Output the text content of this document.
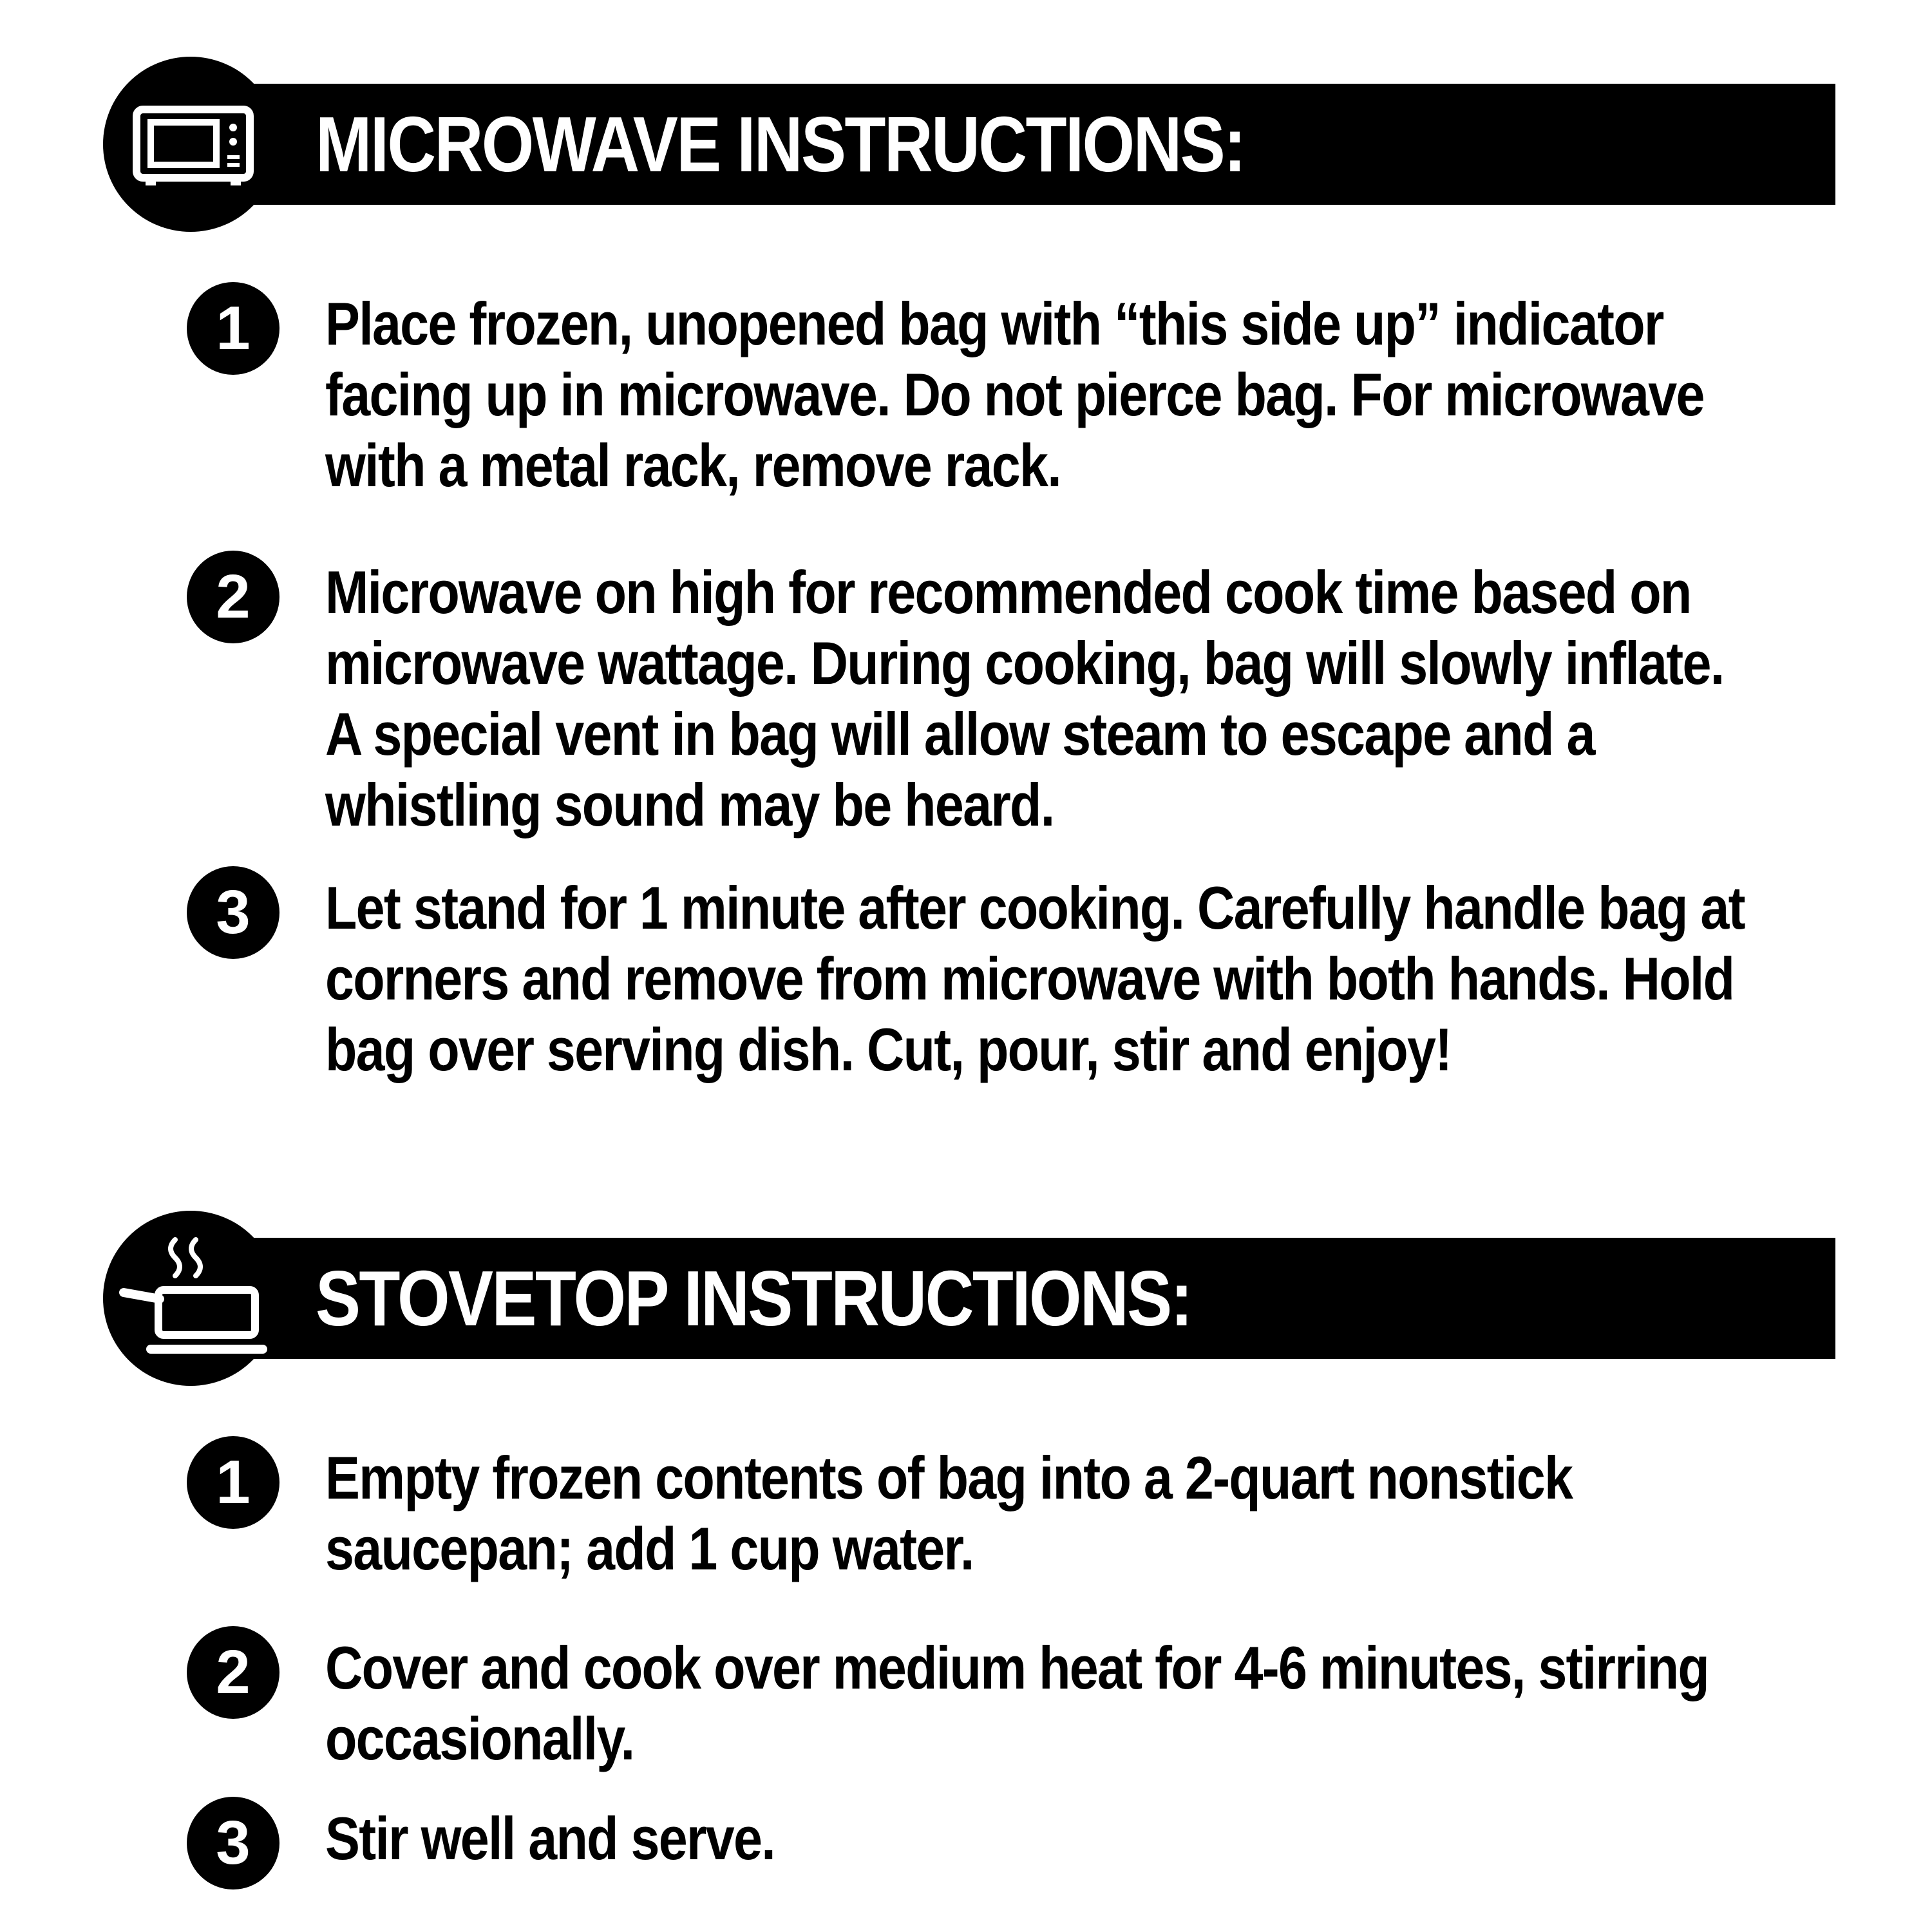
MICROWAVE INSTRUCTIONS:
1	Place frozen, unopened bag with “this side up” indicator facing up in microwave. Do not pierce bag. For microwave with a metal rack, remove rack.
2	Microwave on high for recommended cook time based on microwave wattage. During cooking, bag will slowly inflate. A special vent in bag will allow steam to escape and a whistling sound may be heard.
3	Let stand for 1 minute after cooking. Carefully handle bag at corners and remove from microwave with both hands. Hold bag over serving dish. Cut, pour, stir and enjoy!
STOVETOP INSTRUCTIONS:
1	Empty frozen contents of bag into a 2-quart nonstick saucepan; add 1 cup water.
2	Cover and cook over medium heat for 4-6 minutes, stirring occasionally.
3	Stir well and serve.
